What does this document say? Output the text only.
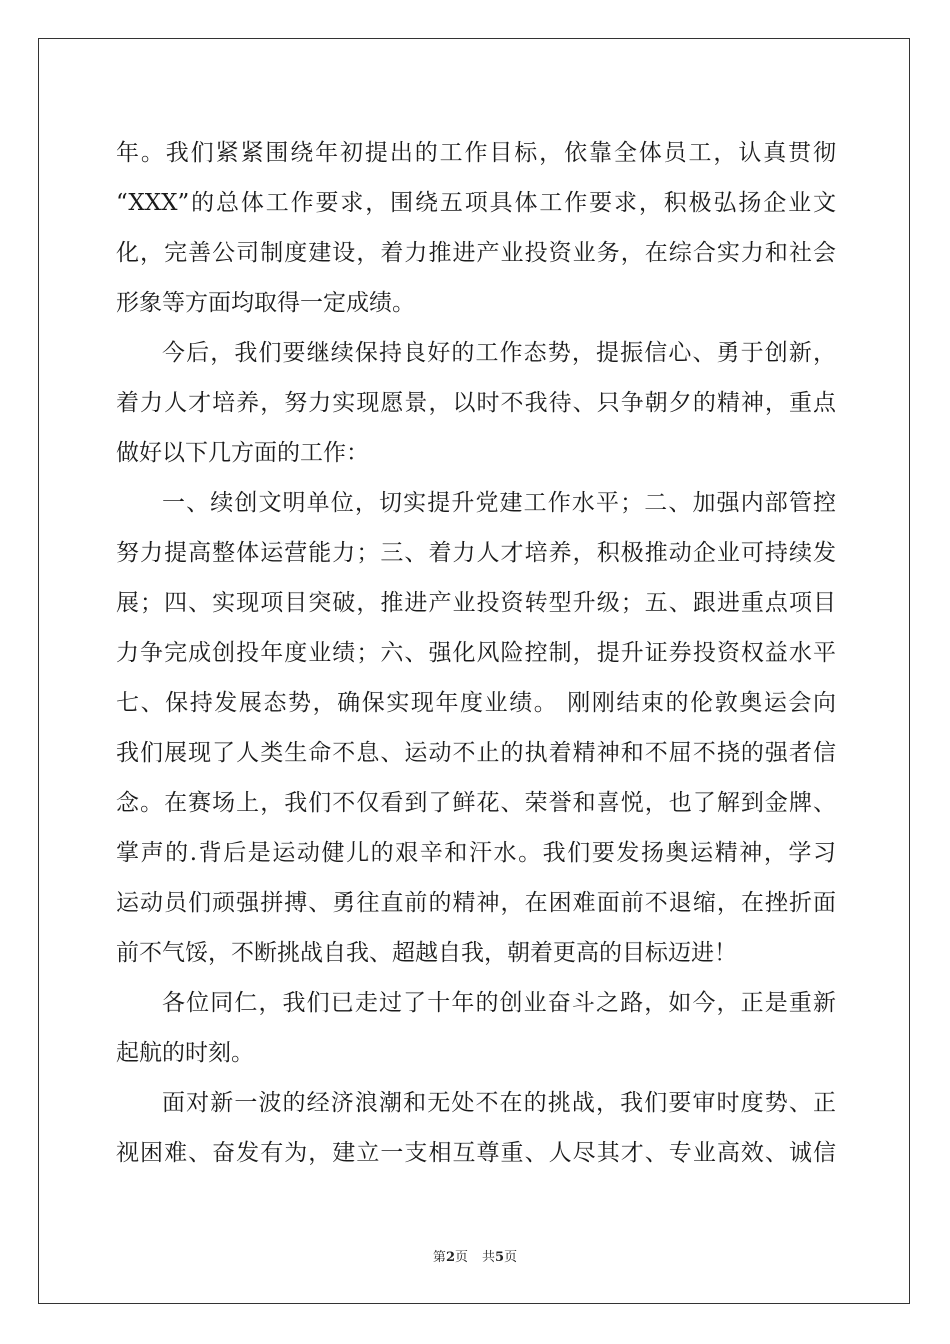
年。我们紧紧围绕年初提出的工作目标，依靠全体员工，认真贯彻
“XXX”的总体工作要求，围绕五项具体工作要求，积极弘扬企业文
化，完善公司制度建设，着力推进产业投资业务，在综合实力和社会
形象等方面均取得一定成绩。
今后，我们要继续保持良好的工作态势，提振信心、勇于创新，
着力人才培养，努力实现愿景，以时不我待、只争朝夕的精神，重点
做好以下几方面的工作：
一、续创文明单位，切实提升党建工作水平；二、加强内部管控
努力提高整体运营能力；三、着力人才培养，积极推动企业可持续发
展；四、实现项目突破，推进产业投资转型升级；五、跟进重点项目
力争完成创投年度业绩；六、强化风险控制，提升证券投资权益水平
七、保持发展态势，确保实现年度业绩。 刚刚结束的伦敦奥运会向
我们展现了人类生命不息、运动不止的执着精神和不屈不挠的强者信
念。在赛场上，我们不仅看到了鲜花、荣誉和喜悦，也了解到金牌、
掌声的.背后是运动健儿的艰辛和汗水。我们要发扬奥运精神，学习
运动员们顽强拼搏、勇往直前的精神，在困难面前不退缩，在挫折面
前不气馁，不断挑战自我、超越自我，朝着更高的目标迈进！
各位同仁，我们已走过了十年的创业奋斗之路，如今，正是重新
起航的时刻。
面对新一波的经济浪潮和无处不在的挑战，我们要审时度势、正
视困难、奋发有为，建立一支相互尊重、人尽其才、专业高效、诚信
第2页 共5页
